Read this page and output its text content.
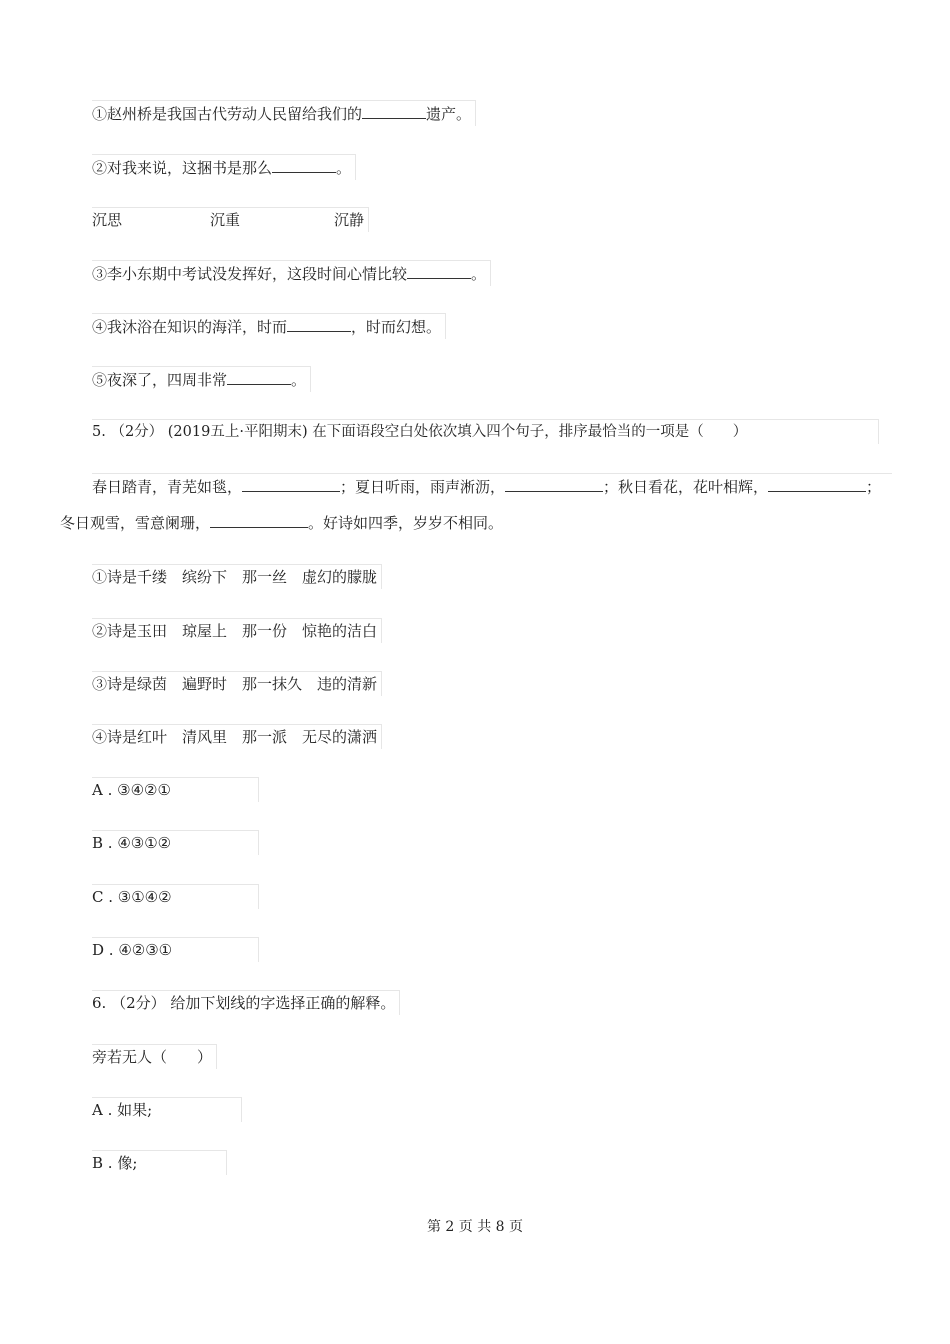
①赵州桥是我国古代劳动人民留给我们的	遗产。
②对我来说，这捆书是那么	。
沉思	沉重	沉静
③李小东期中考试没发挥好，这段时间心情比较	。
④我沐浴在知识的海洋，时而	，时而幻想。
⑤夜深了，四周非常	。
5. （2分） (2019五上·平阳期末) 在下面语段空白处依次填入四个句子，排序最恰当的一项是（　　）
春日踏青，青芜如毯，	；夏日听雨，雨声淅沥，	；秋日看花，花叶相辉，	；
冬日观雪，雪意阑珊，	。好诗如四季，岁岁不相同。
①诗是千缕　缤纷下　那一丝　虚幻的朦胧
②诗是玉田　琼屋上　那一份　惊艳的洁白
③诗是绿茵　遍野时　那一抹久　违的清新
④诗是红叶　清风里　那一派　无尽的潇洒
A . ③④②①
B . ④③①②
C . ③①④②
D . ④②③①
6. （2分） 给加下划线的字选择正确的解释。
旁若无人（　　）
A . 如果;
B . 像;
第 2 页 共 8 页
